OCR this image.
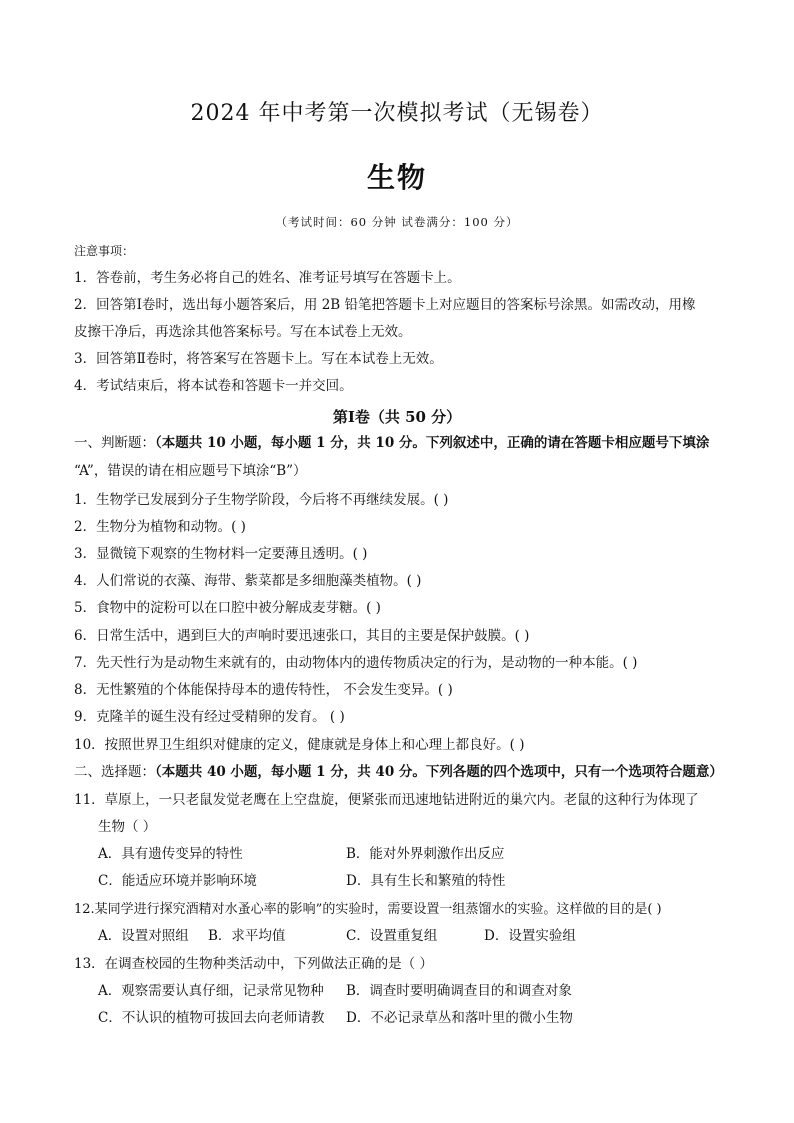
2024 年中考第一次模拟考试（无锡卷）
生物
（考试时间：60 分钟 试卷满分：100 分）
注意事项：
1．答卷前，考生务必将自己的姓名、准考证号填写在答题卡上。
2．回答第Ⅰ卷时，选出每小题答案后，用 2B 铅笔把答题卡上对应题目的答案标号涂黑。如需改动，用橡
皮擦干净后，再选涂其他答案标号。写在本试卷上无效。
3．回答第Ⅱ卷时，将答案写在答题卡上。写在本试卷上无效。
4．考试结束后，将本试卷和答题卡一并交回。
第Ⅰ卷（共 50 分）
一、判断题：（本题共 10 小题，每小题 1 分，共 10 分。下列叙述中，正确的请在答题卡相应题号下填涂
“A”，错误的请在相应题号下填涂“B”）
1．生物学已发展到分子生物学阶段，今后将不再继续发展。( )
2．生物分为植物和动物。( )
3．显微镜下观察的生物材料一定要薄且透明。( )
4．人们常说的衣藻、海带、紫菜都是多细胞藻类植物。( )
5．食物中的淀粉可以在口腔中被分解成麦芽糖。( )
6．日常生活中，遇到巨大的声响时要迅速张口，其目的主要是保护鼓膜。( )
7．先天性行为是动物生来就有的，由动物体内的遗传物质决定的行为，是动物的一种本能。( )
8．无性繁殖的个体能保持母本的遗传特性， 不会发生变异。( )
9．克隆羊的诞生没有经过受精卵的发育。 ( )
10．按照世界卫生组织对健康的定义，健康就是身体上和心理上都良好。( )
二、选择题：（本题共 40 小题，每小题 1 分，共 40 分。下列各题的四个选项中，只有一个选项符合题意）
11．草原上，一只老鼠发觉老鹰在上空盘旋，便紧张而迅速地钻进附近的巢穴内。老鼠的这种行为体现了
生物（ ）
A．具有遗传变异的特性	B．能对外界刺激作出反应
C．能适应环境并影响环境	D．具有生长和繁殖的特性
12.某同学进行探究酒精对水蚤心率的影响”的实验时，需要设置一组蒸馏水的实验。这样做的目的是( )
A．设置对照组 B．求平均值	C．设置重复组	D．设置实验组
13．在调查校园的生物种类活动中，下列做法正确的是（ ）
A．观察需要认真仔细，记录常见物种 B．调查时要明确调查目的和调查对象
C．不认识的植物可拔回去向老师请教 D．不必记录草丛和落叶里的微小生物
